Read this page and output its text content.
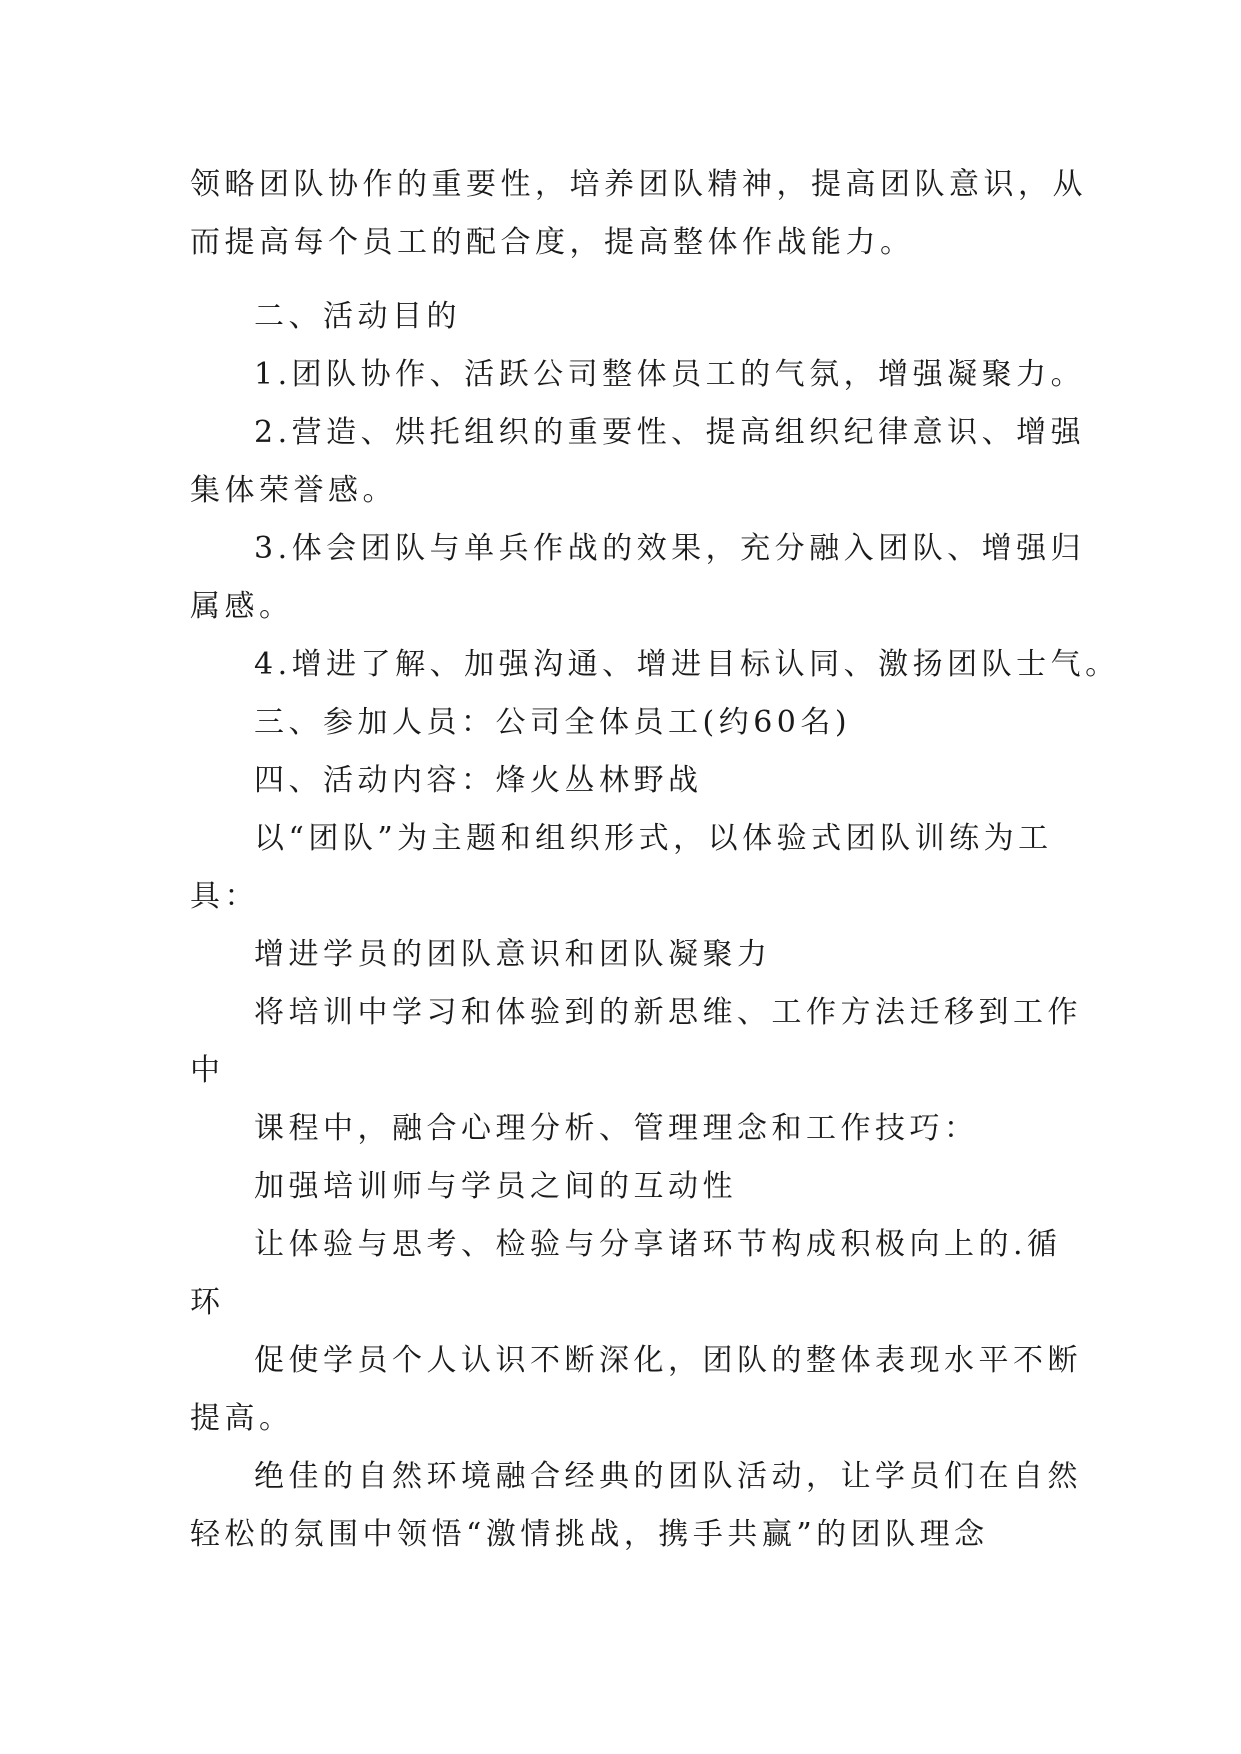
领略团队协作的重要性，培养团队精神，提高团队意识，从
而提高每个员工的配合度，提高整体作战能力。
二、活动目的
1.团队协作、活跃公司整体员工的气氛，增强凝聚力。
2.营造、烘托组织的重要性、提高组织纪律意识、增强
集体荣誉感。
3.体会团队与单兵作战的效果，充分融入团队、增强归
属感。
4.增进了解、加强沟通、增进目标认同、激扬团队士气。
三、参加人员：公司全体员工(约60名)
四、活动内容：烽火丛林野战
以“团队”为主题和组织形式，以体验式团队训练为工
具：
增进学员的团队意识和团队凝聚力
将培训中学习和体验到的新思维、工作方法迁移到工作
中
课程中，融合心理分析、管理理念和工作技巧：
加强培训师与学员之间的互动性
让体验与思考、检验与分享诸环节构成积极向上的.循
环
促使学员个人认识不断深化，团队的整体表现水平不断
提高。
绝佳的自然环境融合经典的团队活动，让学员们在自然
轻松的氛围中领悟“激情挑战，携手共赢”的团队理念
